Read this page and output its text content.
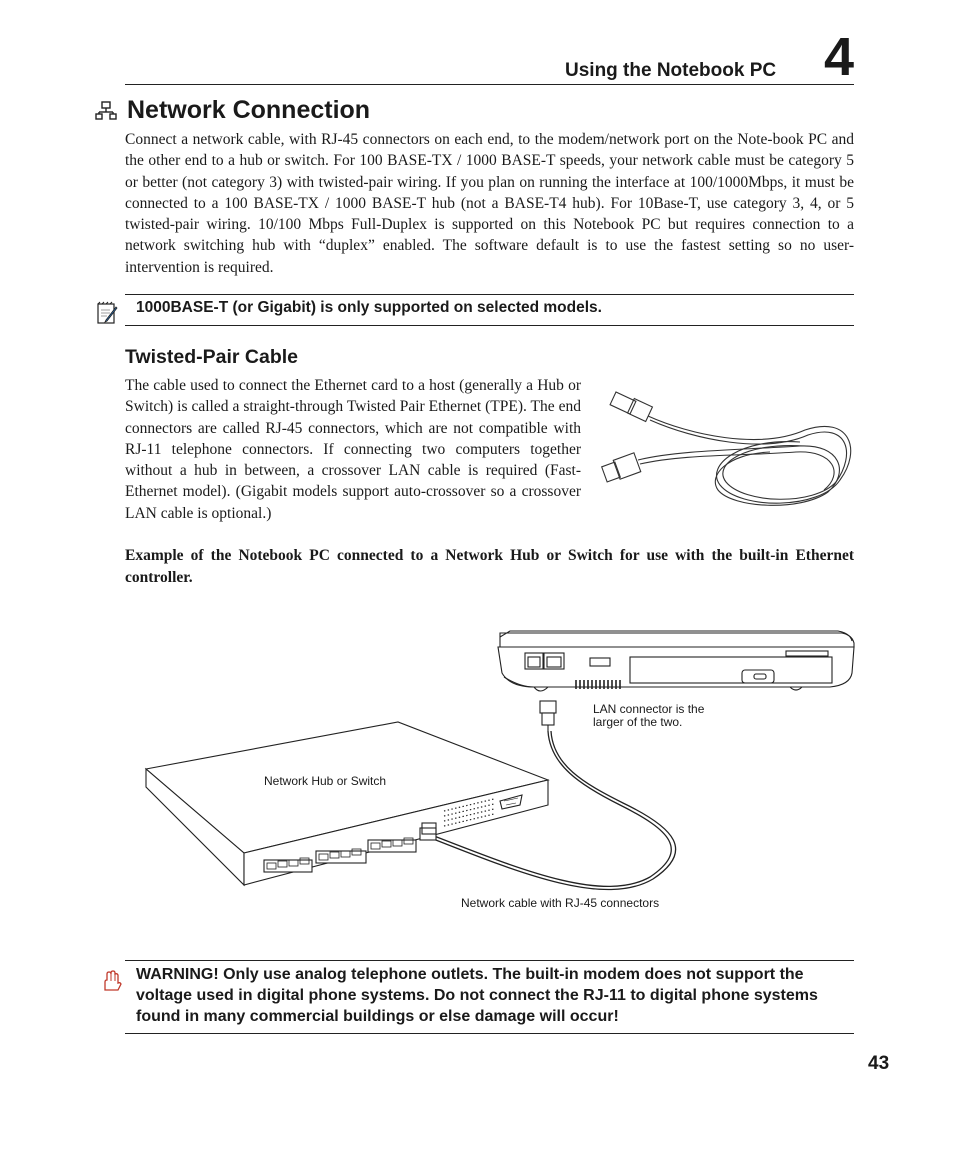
Using the Notebook PC 4
Network Connection
Connect a network cable, with RJ-45 connectors on each end, to the modem/network port on the Note-book PC and the other end to a hub or switch. For 100 BASE-TX / 1000 BASE-T speeds, your network cable must be category 5 or better (not category 3) with twisted-pair wiring. If you plan on running the interface at 100/1000Mbps, it must be connected to a 100 BASE-TX / 1000 BASE-T hub (not a BASE-T4 hub). For 10Base-T, use category 3, 4, or 5 twisted-pair wiring. 10/100 Mbps Full-Duplex is supported on this Notebook PC but requires connection to a network switching hub with “duplex” enabled. The software default is to use the fastest setting so no user-intervention is required.
1000BASE-T (or Gigabit) is only supported on selected models.
Twisted-Pair Cable
The cable used to connect the Ethernet card to a host (generally a Hub or Switch) is called a straight-through Twisted Pair Ethernet (TPE). The end connectors are called RJ-45 connectors, which are not compatible with RJ-11 telephone connectors. If connecting two computers together without a hub in between, a crossover LAN cable is required (Fast-Ethernet model). (Gigabit models support auto-crossover so a crossover LAN cable is optional.)
Example of the Notebook PC connected to a Network Hub or Switch for use with the built-in Ethernet controller.
Network Hub or Switch
LAN connector is the
larger of the two.
Network cable with RJ-45 connectors
WARNING! Only use analog telephone outlets. The built-in modem does not support the voltage used in digital phone systems. Do not connect the RJ-11 to digital phone systems found in many commercial buildings or else damage will occur!
43
